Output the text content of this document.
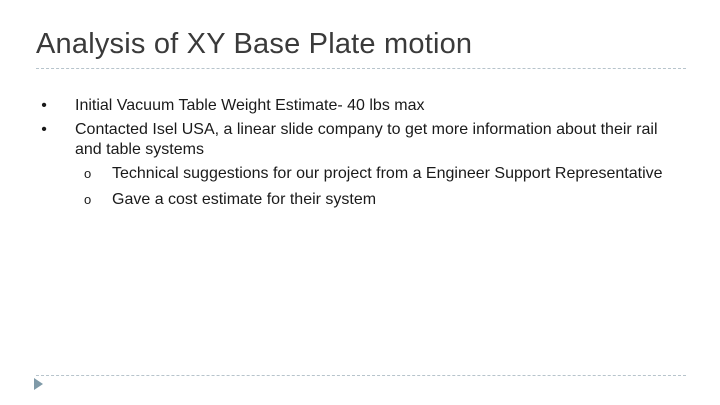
Analysis of XY Base Plate motion
• Initial Vacuum Table Weight Estimate- 40 lbs max
• Contacted Isel USA, a linear slide company to get more information about their rail and table systems
o Technical suggestions for our project from a Engineer Support Representative
o Gave a cost estimate for their system
